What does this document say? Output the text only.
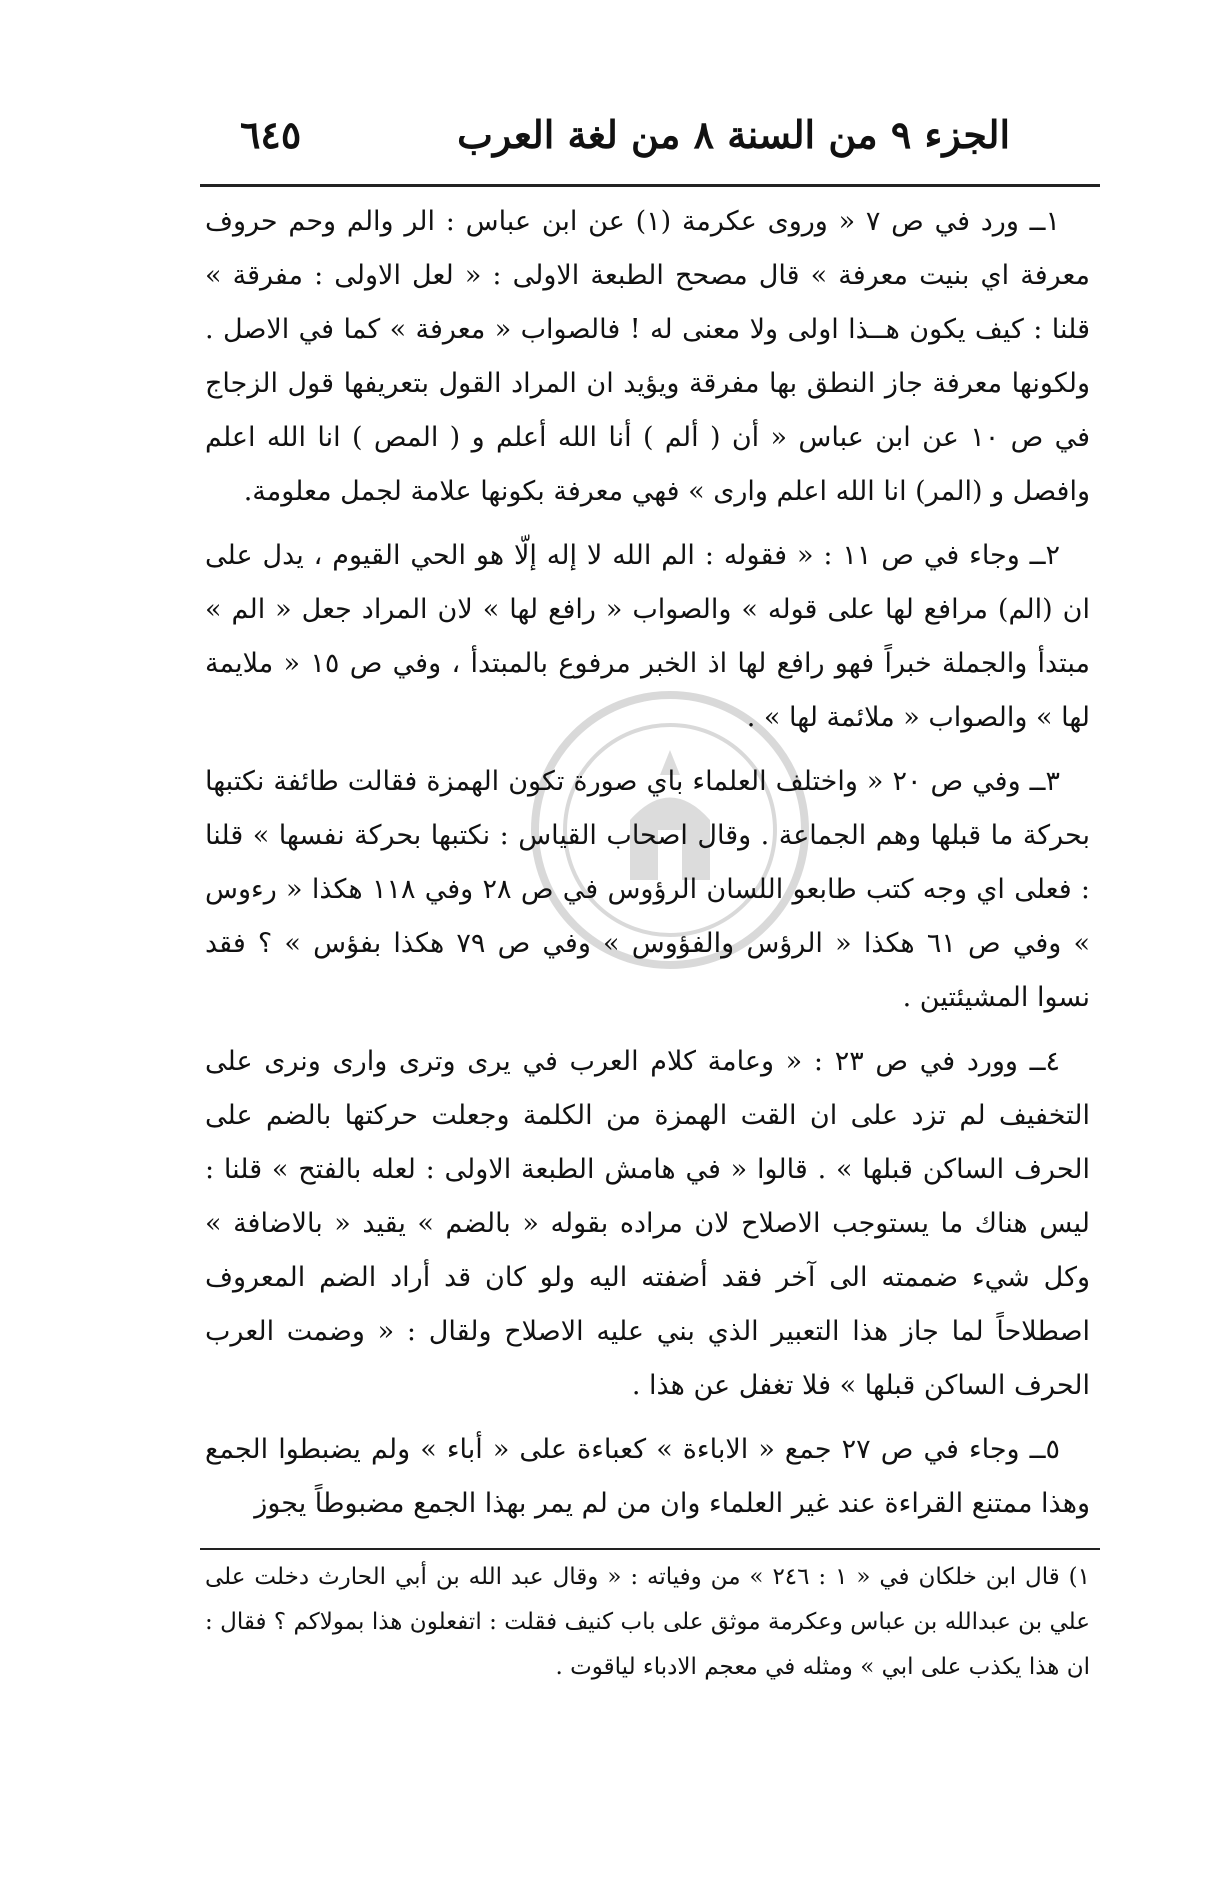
الجزء ٩ من السنة ٨ من لغة العرب
٦٤٥

١ــ ورد في ص ٧ « وروى عكرمة (١) عن ابن عباس : الر والم وحم حروف معرفة اي بنيت معرفة » قال مصحح الطبعة الاولى : « لعل الاولى : مفرقة » قلنا : كيف يكون هــذا اولى ولا معنى له ! فالصواب « معرفة » كما في الاصل . ولكونها معرفة جاز النطق بها مفرقة ويؤيد ان المراد القول بتعريفها قول الزجاج في ص ١٠ عن ابن عباس « أن ( ألم ) أنا الله أعلم و ( المص ) انا الله اعلم وافصل و (المر) انا الله اعلم وارى » فهي معرفة بكونها علامة لجمل معلومة.

٢ــ وجاء في ص ١١ : « فقوله : الم الله لا إله إلّا هو الحي القيوم ، يدل على ان (الم) مرافع لها على قوله » والصواب « رافع لها » لان المراد جعل « الم » مبتدأ والجملة خبراً فهو رافع لها اذ الخبر مرفوع بالمبتدأ ، وفي ص ١٥ « ملايمة لها » والصواب « ملائمة لها » .

٣ــ وفي ص ٢٠ « واختلف العلماء باي صورة تكون الهمزة فقالت طائفة نكتبها بحركة ما قبلها وهم الجماعة . وقال اصحاب القياس : نكتبها بحركة نفسها » قلنا : فعلى اي وجه كتب طابعو اللسان الرؤوس في ص ٢٨ وفي ١١٨ هكذا « رءوس » وفي ص ٦١ هكذا « الرؤس والفؤوس » وفي ص ٧٩ هكذا بفؤس » ؟ فقد نسوا المشيئتين .

٤ــ وورد في ص ٢٣ : « وعامة كلام العرب في يرى وترى وارى ونرى على التخفيف لم تزد على ان القت الهمزة من الكلمة وجعلت حركتها بالضم على الحرف الساكن قبلها » . قالوا « في هامش الطبعة الاولى : لعله بالفتح » قلنا : ليس هناك ما يستوجب الاصلاح لان مراده بقوله « بالضم » يقيد « بالاضافة » وكل شيء ضممته الى آخر فقد أضفته اليه ولو كان قد أراد الضم المعروف اصطلاحاً لما جاز هذا التعبير الذي بني عليه الاصلاح ولقال : « وضمت العرب الحرف الساكن قبلها » فلا تغفل عن هذا .

٥ــ وجاء في ص ٢٧ جمع « الاباءة » كعباءة على « أباء » ولم يضبطوا الجمع وهذا ممتنع القراءة عند غير العلماء وان من لم يمر بهذا الجمع مضبوطاً يجوز

١) قال ابن خلكان في « ١ : ٢٤٦ » من وفياته : « وقال عبد الله بن أبي الحارث دخلت على علي بن عبدالله بن عباس وعكرمة موثق على باب كنيف فقلت : اتفعلون هذا بمولاكم ؟ فقال : ان هذا يكذب على ابي » ومثله في معجم الادباء لياقوت .
